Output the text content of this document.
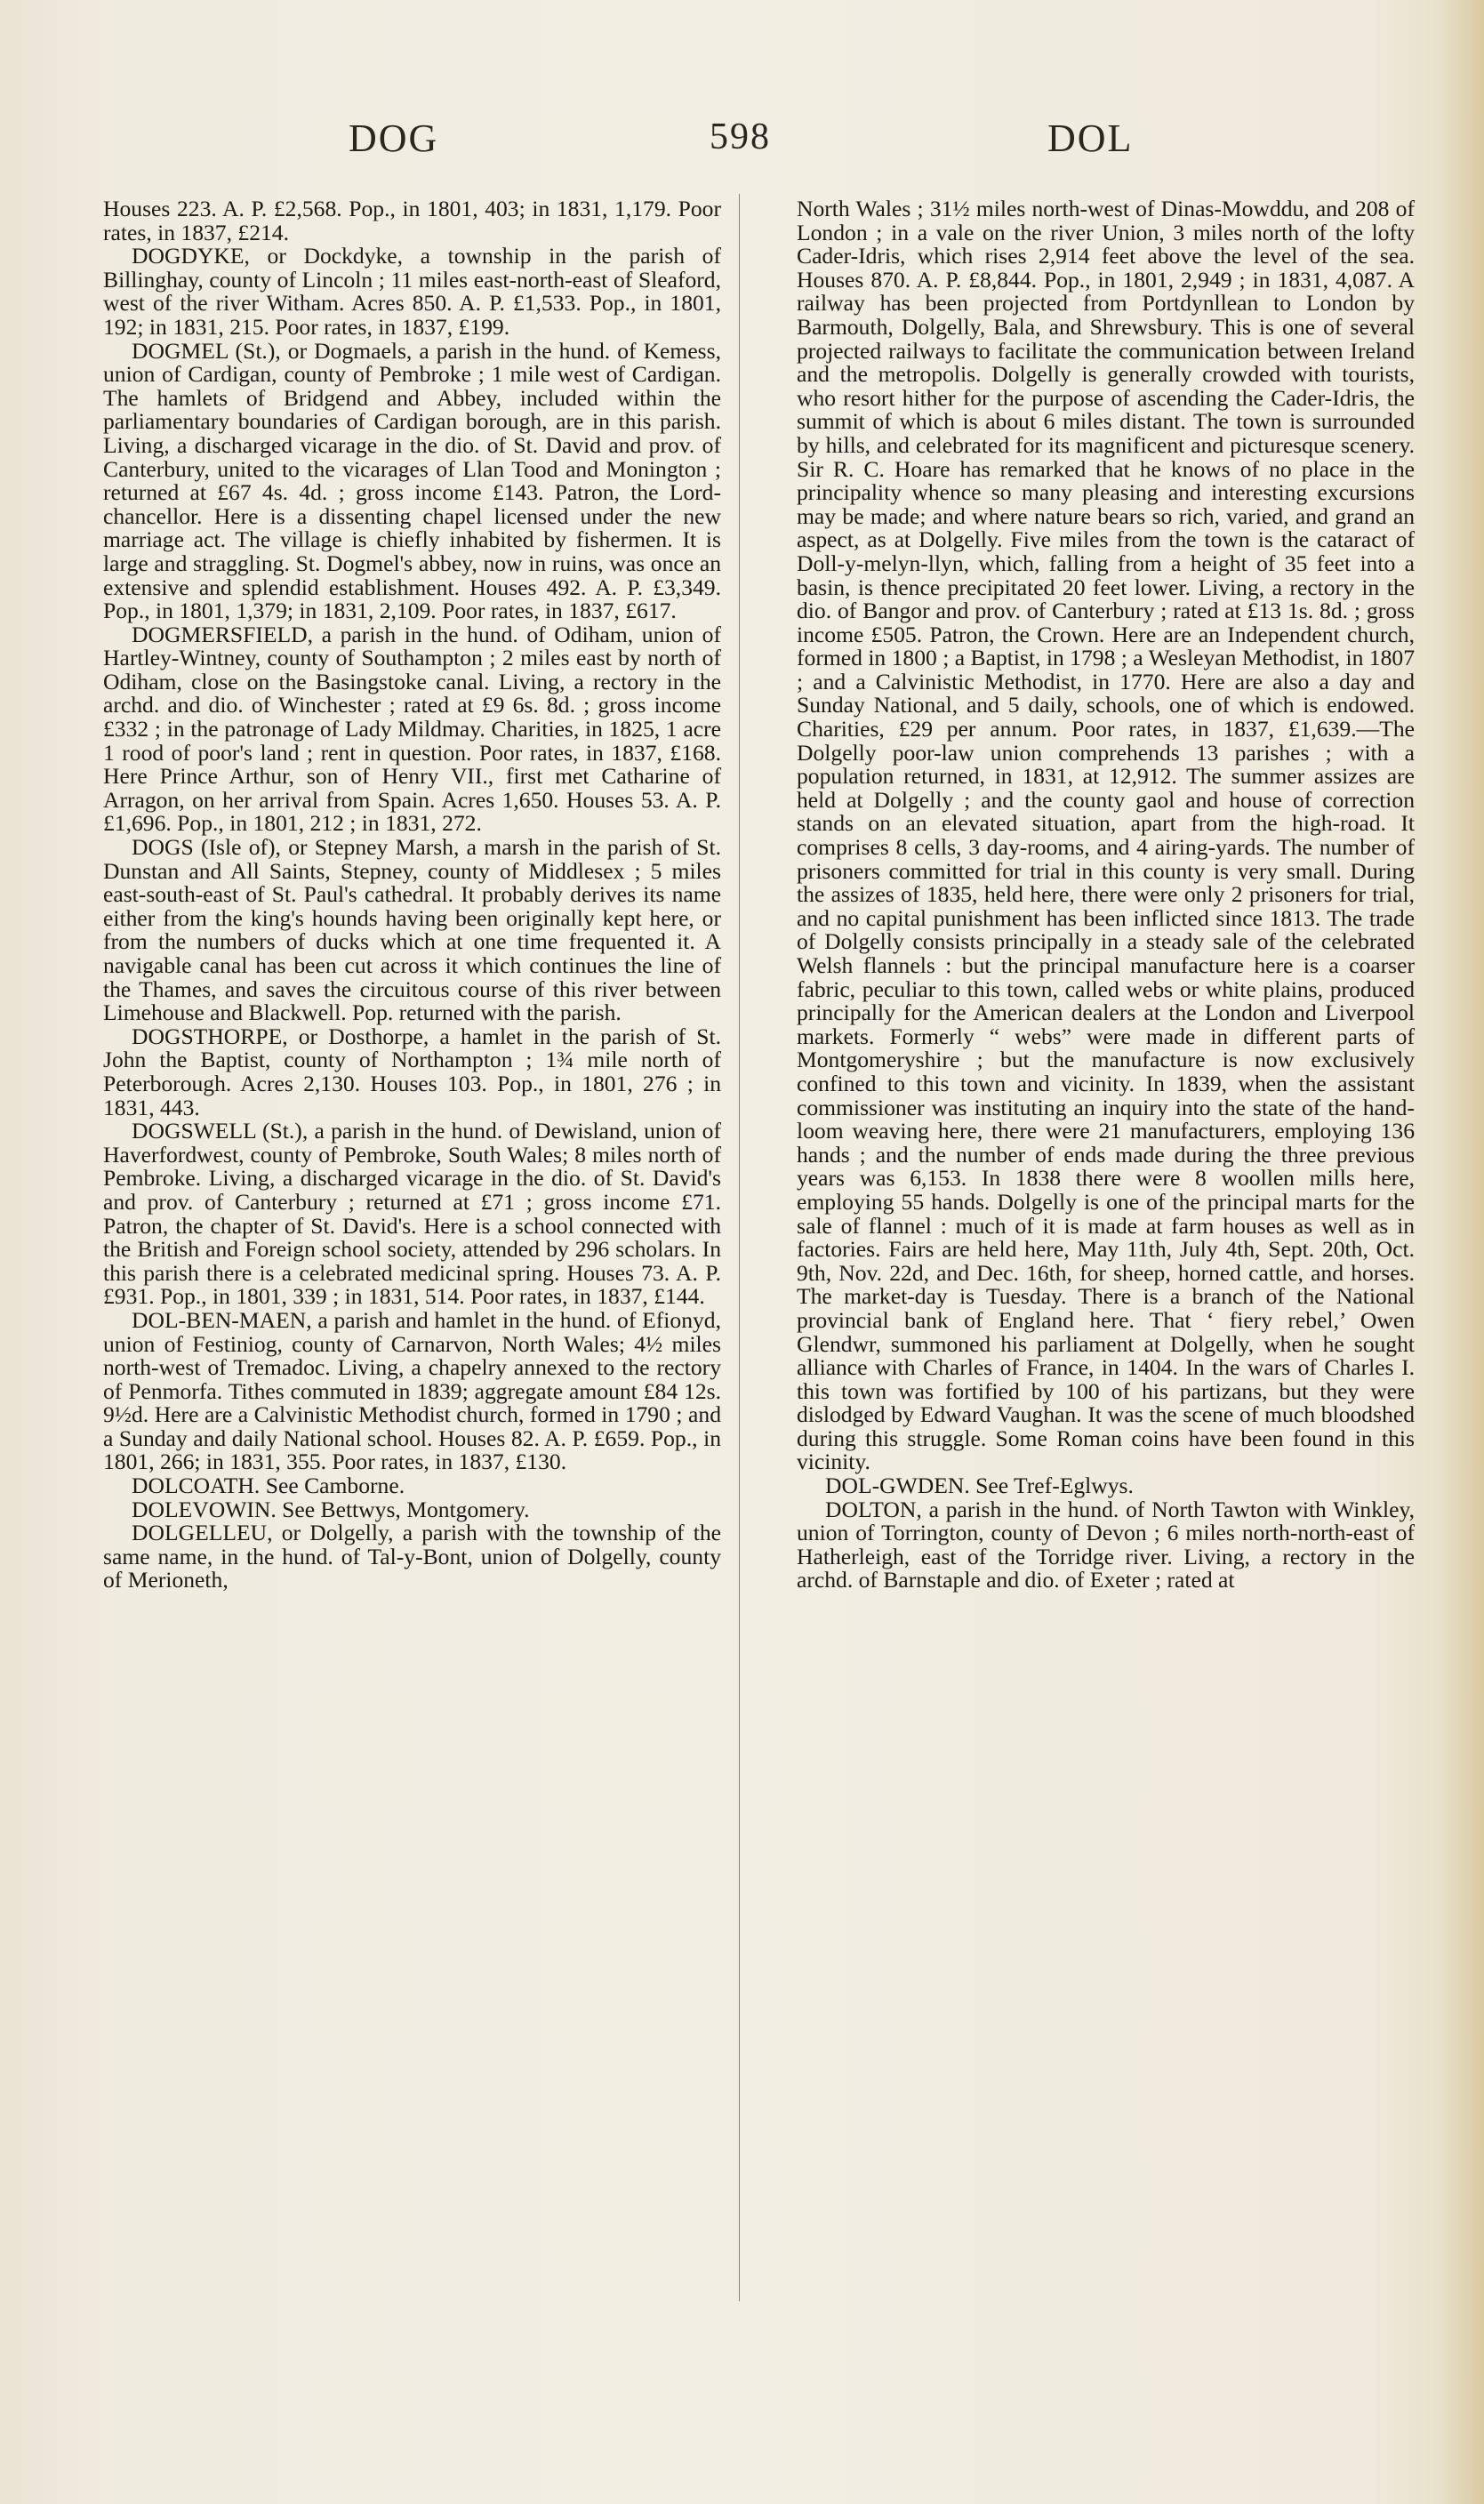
DOG	598	DOL

Houses 223. A. P. £2,568. Pop., in 1801, 403; in 1831, 1,179. Poor rates, in 1837, £214.

DOGDYKE, or Dockdyke, a township in the parish of Billinghay, county of Lincoln ; 11 miles east-north-east of Sleaford, west of the river Witham. Acres 850. A. P. £1,533. Pop., in 1801, 192; in 1831, 215. Poor rates, in 1837, £199.

DOGMEL (St.), or Dogmaels, a parish in the hund. of Kemess, union of Cardigan, county of Pembroke ; 1 mile west of Cardigan. The hamlets of Bridgend and Abbey, included within the parliamentary boundaries of Cardigan borough, are in this parish. Living, a discharged vicarage in the dio. of St. David and prov. of Canterbury, united to the vicarages of Llan Tood and Monington ; returned at £67 4s. 4d. ; gross income £143. Patron, the Lord-chancellor. Here is a dissenting chapel licensed under the new marriage act. The village is chiefly inhabited by fishermen. It is large and straggling. St. Dogmel's abbey, now in ruins, was once an extensive and splendid establishment. Houses 492. A. P. £3,349. Pop., in 1801, 1,379; in 1831, 2,109. Poor rates, in 1837, £617.

DOGMERSFIELD, a parish in the hund. of Odiham, union of Hartley-Wintney, county of Southampton ; 2 miles east by north of Odiham, close on the Basingstoke canal. Living, a rectory in the archd. and dio. of Winchester ; rated at £9 6s. 8d. ; gross income £332 ; in the patronage of Lady Mildmay. Charities, in 1825, 1 acre 1 rood of poor's land ; rent in question. Poor rates, in 1837, £168. Here Prince Arthur, son of Henry VII., first met Catharine of Arragon, on her arrival from Spain. Acres 1,650. Houses 53. A. P. £1,696. Pop., in 1801, 212 ; in 1831, 272.

DOGS (Isle of), or Stepney Marsh, a marsh in the parish of St. Dunstan and All Saints, Stepney, county of Middlesex ; 5 miles east-south-east of St. Paul's cathedral. It probably derives its name either from the king's hounds having been originally kept here, or from the numbers of ducks which at one time frequented it. A navigable canal has been cut across it which continues the line of the Thames, and saves the circuitous course of this river between Limehouse and Blackwell. Pop. returned with the parish.

DOGSTHORPE, or Dosthorpe, a hamlet in the parish of St. John the Baptist, county of Northampton ; 1¾ mile north of Peterborough. Acres 2,130. Houses 103. Pop., in 1801, 276 ; in 1831, 443.

DOGSWELL (St.), a parish in the hund. of Dewisland, union of Haverfordwest, county of Pembroke, South Wales; 8 miles north of Pembroke. Living, a discharged vicarage in the dio. of St. David's and prov. of Canterbury ; returned at £71 ; gross income £71. Patron, the chapter of St. David's. Here is a school connected with the British and Foreign school society, attended by 296 scholars. In this parish there is a celebrated medicinal spring. Houses 73. A. P. £931. Pop., in 1801, 339 ; in 1831, 514. Poor rates, in 1837, £144.

DOL-BEN-MAEN, a parish and hamlet in the hund. of Efionyd, union of Festiniog, county of Carnarvon, North Wales; 4½ miles north-west of Tremadoc. Living, a chapelry annexed to the rectory of Penmorfa. Tithes commuted in 1839; aggregate amount £84 12s. 9½d. Here are a Calvinistic Methodist church, formed in 1790 ; and a Sunday and daily National school. Houses 82. A. P. £659. Pop., in 1801, 266; in 1831, 355. Poor rates, in 1837, £130.

DOLCOATH. See Camborne.

DOLEVOWIN. See Bettwys, Montgomery.

DOLGELLEU, or Dolgelly, a parish with the township of the same name, in the hund. of Tal-y-Bont, union of Dolgelly, county of Merioneth,

North Wales ; 31½ miles north-west of Dinas-Mowddu, and 208 of London ; in a vale on the river Union, 3 miles north of the lofty Cader-Idris, which rises 2,914 feet above the level of the sea. Houses 870. A. P. £8,844. Pop., in 1801, 2,949 ; in 1831, 4,087. A railway has been projected from Portdynllean to London by Barmouth, Dolgelly, Bala, and Shrewsbury. This is one of several projected railways to facilitate the communication between Ireland and the metropolis. Dolgelly is generally crowded with tourists, who resort hither for the purpose of ascending the Cader-Idris, the summit of which is about 6 miles distant. The town is surrounded by hills, and celebrated for its magnificent and picturesque scenery. Sir R. C. Hoare has remarked that he knows of no place in the principality whence so many pleasing and interesting excursions may be made; and where nature bears so rich, varied, and grand an aspect, as at Dolgelly. Five miles from the town is the cataract of Doll-y-melyn-llyn, which, falling from a height of 35 feet into a basin, is thence precipitated 20 feet lower. Living, a rectory in the dio. of Bangor and prov. of Canterbury ; rated at £13 1s. 8d. ; gross income £505. Patron, the Crown. Here are an Independent church, formed in 1800 ; a Baptist, in 1798 ; a Wesleyan Methodist, in 1807 ; and a Calvinistic Methodist, in 1770. Here are also a day and Sunday National, and 5 daily, schools, one of which is endowed. Charities, £29 per annum. Poor rates, in 1837, £1,639.—The Dolgelly poor-law union comprehends 13 parishes ; with a population returned, in 1831, at 12,912. The summer assizes are held at Dolgelly ; and the county gaol and house of correction stands on an elevated situation, apart from the high-road. It comprises 8 cells, 3 day-rooms, and 4 airing-yards. The number of prisoners committed for trial in this county is very small. During the assizes of 1835, held here, there were only 2 prisoners for trial, and no capital punishment has been inflicted since 1813. The trade of Dolgelly consists principally in a steady sale of the celebrated Welsh flannels : but the principal manufacture here is a coarser fabric, peculiar to this town, called webs or white plains, produced principally for the American dealers at the London and Liverpool markets. Formerly “ webs” were made in different parts of Montgomeryshire ; but the manufacture is now exclusively confined to this town and vicinity. In 1839, when the assistant commissioner was instituting an inquiry into the state of the hand-loom weaving here, there were 21 manufacturers, employing 136 hands ; and the number of ends made during the three previous years was 6,153. In 1838 there were 8 woollen mills here, employing 55 hands. Dolgelly is one of the principal marts for the sale of flannel : much of it is made at farm houses as well as in factories. Fairs are held here, May 11th, July 4th, Sept. 20th, Oct. 9th, Nov. 22d, and Dec. 16th, for sheep, horned cattle, and horses. The market-day is Tuesday. There is a branch of the National provincial bank of England here. That ‘ fiery rebel,’ Owen Glendwr, summoned his parliament at Dolgelly, when he sought alliance with Charles of France, in 1404. In the wars of Charles I. this town was fortified by 100 of his partizans, but they were dislodged by Edward Vaughan. It was the scene of much bloodshed during this struggle. Some Roman coins have been found in this vicinity.

DOL-GWDEN. See Tref-Eglwys.

DOLTON, a parish in the hund. of North Tawton with Winkley, union of Torrington, county of Devon ; 6 miles north-north-east of Hatherleigh, east of the Torridge river. Living, a rectory in the archd. of Barnstaple and dio. of Exeter ; rated at
